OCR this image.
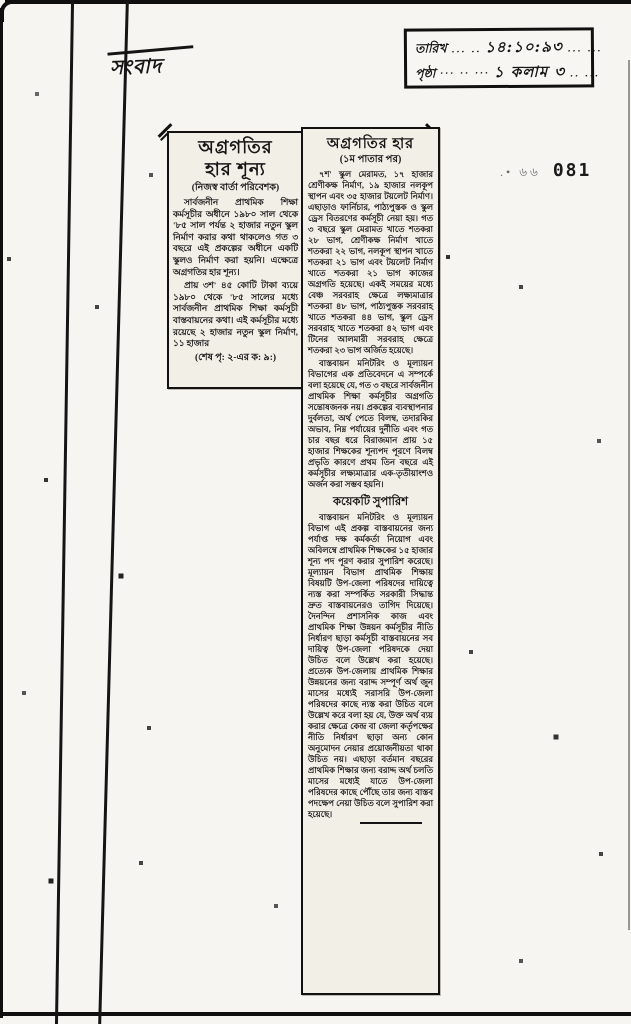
সংবাদ
তারিখ ... .. ১৪:১০:৯৩ ... ...
পৃষ্ঠা ··· ·· ··· ১ কলাম ৩ .. ...
.• ৬৬ 081
অগ্রগতির
হার শূন্য
(নিজস্ব বার্তা পরিবেশক)

সার্বজনীন প্রাথমিক শিক্ষা কর্মসূচীর অধীনে ১৯৮০ সাল থেকে '৮৫ সাল পর্যন্ত ২ হাজার নতুন স্কুল নির্মাণ করার কথা থাকলেও গত ৩ বছরে এই প্রকল্পের অধীনে একটি স্কুলও নির্মাণ করা হয়নি। এক্ষেত্রে অগ্রগতির হার শূন্য।

প্রায় ৩শ' ৪৫ কোটি টাকা ব্যয়ে ১৯৮০ থেকে '৮৫ সালের মধ্যে সার্বজনীন প্রাথমিক শিক্ষা কর্মসূচী বাস্তবায়নের কথা। এই কর্মসূচীর মধ্যে রয়েছে ২ হাজার নতুন স্কুল নির্মাণ, ১১ হাজার

(শেষ পৃ: ২-এর ক: ৯:)
অগ্রগতির হার
(১ম পাতার পর)

৭শ' স্কুল মেরামত, ১৭ হাজার শ্রেণীকক্ষ নির্মাণ, ১৯ হাজার নলকূপ স্থাপন এবং ৩৫ হাজার টয়লেট নির্মাণ। এছাড়াও ফার্নিচার, পাঠ্যপুস্তক ও স্কুল ড্রেস বিতরণের কর্মসূচী নেয়া হয়। গত ৩ বছরে স্কুল মেরামত খাতে শতকরা ২৮ ভাগ, শ্রেণীকক্ষ নির্মাণ খাতে শতকরা ২২ ভাগ, নলকূপ স্থাপন খাতে শতকরা ২১ ভাগ এবং টয়লেট নির্মাণ খাতে শতকরা ২১ ভাগ কাজের অগ্রগতি হয়েছে। একই সময়ের মধ্যে বেঞ্চ সরবরাহ ক্ষেত্রে লক্ষ্যমাত্রার শতকরা ৪৮ ভাগ, পাঠ্যপুস্তক সরবরাহ খাতে শতকরা ৪৪ ভাগ, স্কুল ড্রেস সরবরাহ খাতে শতকরা ৪২ ভাগ এবং টিনের আলমারী সরবরাহ ক্ষেত্রে শতকরা ২৩ ভাগ অর্জিত হয়েছে।

বাস্তবায়ন মনিটরিং ও মূল্যায়ন বিভাগের এক প্রতিবেদনে এ সম্পর্কে বলা হয়েছে যে, গত ৩ বছরে সার্বজনীন প্রাথমিক শিক্ষা কর্মসূচীর অগ্রগতি সন্তোষজনক নয়। প্রকল্পের ব্যবস্থাপনার দুর্বলতা, অর্থ পেতে বিলম্ব, তদারকির অভাব, নিম্ন পর্যায়ের দুর্নীতি এবং গত চার বছর ধরে বিরাজমান প্রায় ১৫ হাজার শিক্ষকের শূন্যপদ পূরণে বিলম্ব প্রভৃতি কারণে প্রথম তিন বছরে এই কর্মসূচীর লক্ষ্যমাত্রার এক-তৃতীয়াংশও অর্জন করা সম্ভব হয়নি।

কয়েকটি সুপারিশ

বাস্তবায়ন মনিটরিং ও মূল্যায়ন বিভাগ এই প্রকল্প বাস্তবায়নের জন্য পর্যাপ্ত দক্ষ কর্মকর্তা নিয়োগ এবং অবিলম্বে প্রাথমিক শিক্ষকের ১৫ হাজার শূন্য পদ পূরণ করার সুপারিশ করেছে। মূল্যায়ন বিভাগ প্রাথমিক শিক্ষায় বিষয়টি উপ-জেলা পরিষদের দায়িত্বে ন্যস্ত করা সম্পর্কিত সরকারী সিদ্ধান্ত দ্রুত বাস্তবায়নেরও তাগিদ দিয়েছে। দৈনন্দিন প্রশাসনিক কাজ এবং প্রাথমিক শিক্ষা উন্নয়ন কর্মসূচীর নীতি নির্ধারণ ছাড়া কর্মসূচী বাস্তবায়নের সব দায়িত্ব উপ-জেলা পরিষদকে দেয়া উচিত বলে উল্লেখ করা হয়েছে। প্রত্যেক উপ-জেলায় প্রাথমিক শিক্ষার উন্নয়নের জন্য বরাদ্দ সম্পূর্ণ অর্থ জুন মাসের মধ্যেই সরাসরি উপ-জেলা পরিষদের কাছে ন্যস্ত করা উচিত বলে উল্লেখ করে বলা হয় যে, উক্ত অর্থ ব্যয় করার ক্ষেত্রে কেন্দ্র বা জেলা কর্তৃপক্ষের নীতি নির্ধারণ ছাড়া অন্য কোন অনুমোদন নেয়ার প্রয়োজনীয়তা থাকা উচিত নয়। এছাড়া বর্তমান বছরের প্রাথমিক শিক্ষার জন্য বরাদ্দ অর্থ চলতি মাসের মধ্যেই যাতে উপ-জেলা পরিষদের কাছে পৌঁছে তার জন্য বাস্তব পদক্ষেপ নেয়া উচিত বলে সুপারিশ করা হয়েছে।
